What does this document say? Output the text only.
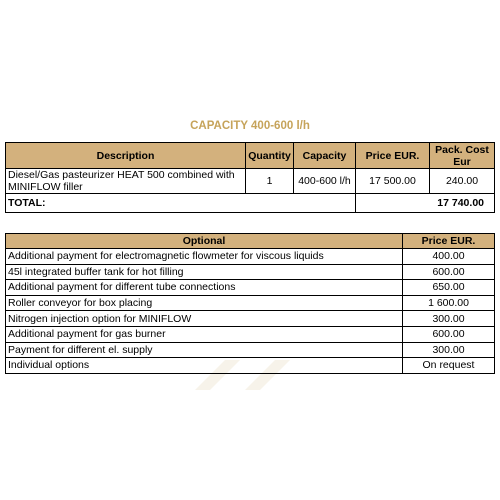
CAPACITY 400-600 l/h
Description	Quantity	Capacity	Price EUR.	Pack. Cost Eur
Diesel/Gas pasteurizer HEAT 500 combined with MINIFLOW filler	1	400-600 l/h	17 500.00	240.00
TOTAL:			17 740.00	
Optional	Price EUR.
Additional payment for electromagnetic flowmeter for viscous liquids	400.00
45l integrated buffer tank for hot filling	600.00
Additional payment for different tube connections	650.00
Roller conveyor for box placing	1 600.00
Nitrogen injection option for MINIFLOW	300.00
Additional payment for gas burner	600.00
Payment for different el. supply	300.00
Individual options	On request
